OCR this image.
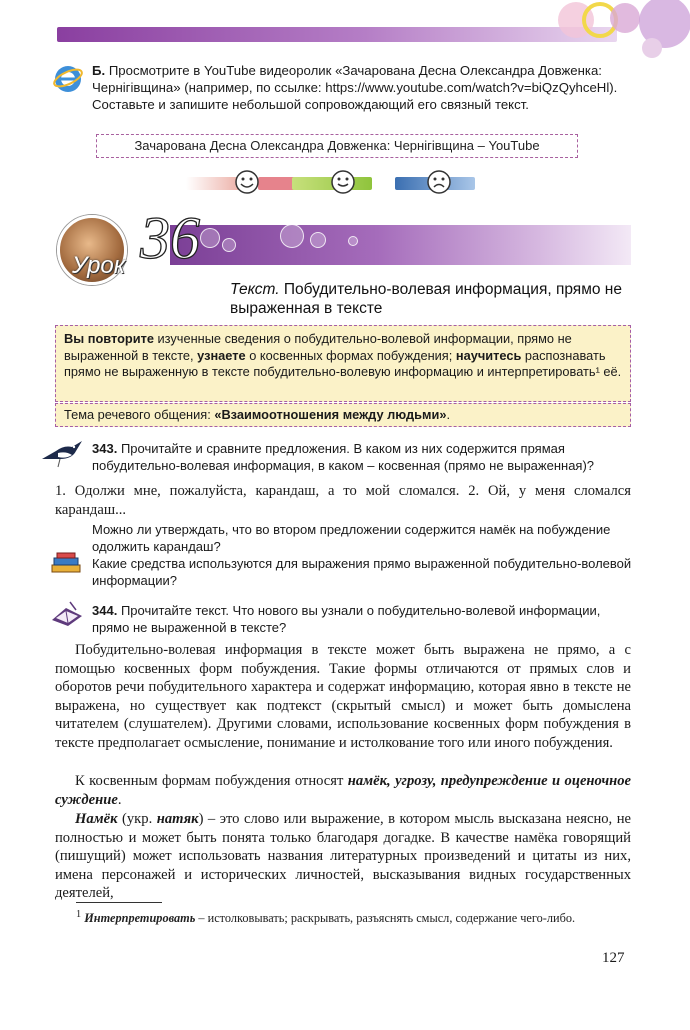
Б. Просмотрите в YouTube видеоролик «Зачарована Десна Олександра Довженка: Чернігівщина» (например, по ссылке: https://www.youtube.com/watch?v=biQzQyhceHl). Составьте и запишите небольшой сопровождающий его связный текст.
Зачарована Десна Олександра Довженка: Чернігівщина – YouTube
Урок 36
Текст. Побудительно-волевая информация, прямо не выраженная в тексте
Вы повторите изученные сведения о побудительно-волевой информации, прямо не выраженной в тексте, узнаете о косвенных формах побуждения; научитесь распознавать прямо не выраженную в тексте побудительно-волевую информацию и интерпретировать¹ её.
Тема речевого общения: «Взаимоотношения между людьми».
343. Прочитайте и сравните предложения. В каком из них содержится прямая побудительно-волевая информация, в каком – косвенная (прямо не выраженная)?
1. Одолжи мне, пожалуйста, карандаш, а то мой сломался. 2. Ой, у меня сломался карандаш...
Можно ли утверждать, что во втором предложении содержится намёк на побуждение одолжить карандаш?
Какие средства используются для выражения прямо выраженной побудительно-волевой информации?
344. Прочитайте текст. Что нового вы узнали о побудительно-волевой информации, прямо не выраженной в тексте?
Побудительно-волевая информация в тексте может быть выражена не прямо, а с помощью косвенных форм побуждения. Такие формы отличаются от прямых слов и оборотов речи побудительного характера и содержат информацию, которая явно в тексте не выражена, но существует как подтекст (скрытый смысл) и может быть домыслена читателем (слушателем). Другими словами, использование косвенных форм побуждения в тексте предполагает осмысление, понимание и истолкование того или иного побуждения.
К косвенным формам побуждения относят намёк, угрозу, предупреждение и оценочное суждение.
Намёк (укр. натяк) – это слово или выражение, в котором мысль высказана неясно, не полностью и может быть понята только благодаря догадке. В качестве намёка говорящий (пишущий) может использовать названия литературных произведений и цитаты из них, имена персонажей и исторических личностей, высказывания видных государственных деятелей,
$^1$ Интерпретировать – истолковывать; раскрывать, разъяснять смысл, содержание чего-либо.
127
